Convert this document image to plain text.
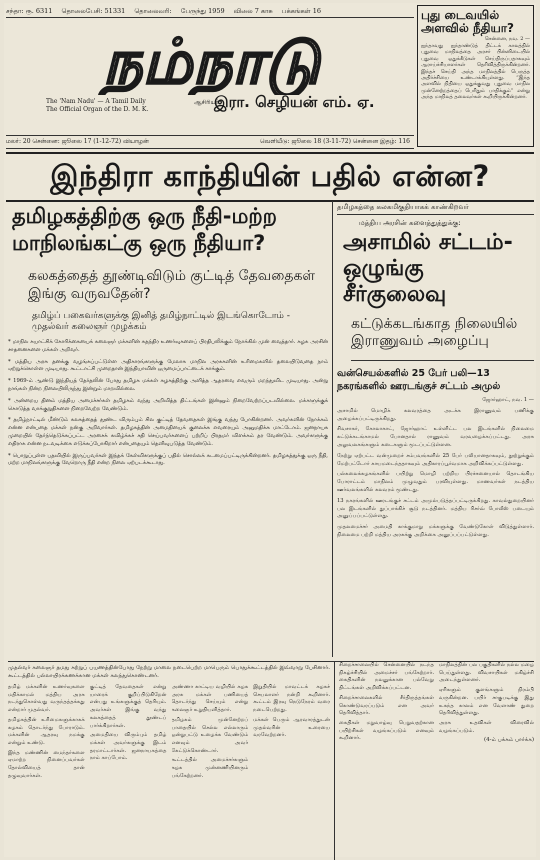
சந்தா: ரூ. 6311 தொலைபேசி: 51331 தொலைவரி: பேருந்து 1959 விலை 7 காசு பக்கங்கள் 16
நம்நாடு
The 'Nam Nadu' — A Tamil Daily
The Official Organ of the D. M. K.
ஆசிரியர்:
இரா. செழியன் எம். ஏ.
மலர்: 20 சென்னை: ஜூலை 17 (1-12-72) வியாழன்	வெளியீடு: ஜூலை 18 (3-11-72) சென்னை இதழ்: 116
புது டைவயில் அளவில் நீதியா?
சென்னை, நவ. 2 —

ஐந்தாவது ஐந்தாண்டுத் திட்டக் காலத்தில் புதுவை மாநிலத்தை அரசர் பின்னிடையில் புதுவை ஒதுக்கீடுகள் செய்திருப்பதாகவும் ஆராய்ச்சியாளர்கள் தெரிவித்திருக்கின்றனர். இந்தச் செய்தி அந்த மாநிலத்தில் பெருத்த அதிர்ச்சியை உண்டாக்கியுள்ளது. “இந்த அளவில் நிதியை ஒதுக்குவது புதுவை மாநில முன்னேற்றத்தைப் பெரிதும் பாதிக்கும்” என்று அந்த மாநிலத் தலைவர்கள் கூறியிருக்கின்றனர்.

இந்திரா காந்தியின் பதில் என்ன?
தமிழகத்திற்கு ஒரு நீதி-மற்ற மாநிலங்கட்கு ஒரு நீதியா?
கலகத்தைத் தூண்டிவிடும் குட்டித் தேவதைகள் இங்கு வருவதேன்?
தமிழ்ப் பகைவர்களுக்கு இனித் தமிழ்நாட்டில் இடங்கொடோம் - முதல்வர் கலைஞர் முழக்கம்

* மாநில சுயாட்சிக் கோரிக்கையைக் கலைஞர் மக்களின் சுதந்திர உணர்வுகளைப் பிரதிபலிக்கும் நோக்கில் முன் வைத்தார். கழக அரசின் சாதனைகளை மக்கள் அறிவர்.

* மத்திய அரசு தனக்கு வழங்கப்பட்டுள்ள அதிகாரங்களுக்கு மேலாக மாநில அரசுகளின் உரிமைகளில் தலையிடுவதை நாம் ஏற்றுக்கொள்ள முடியாது. கூட்டாட்சி முறைதான் இந்தியாவின் ஒருமைப்பாட்டைக் காக்கும்.

* 1969-ம் ஆண்டு இந்தியத் தேர்தலின் போது தமிழக மக்கள் கழகத்திற்கு அளித்த ஆதரவை எவரும் மறந்துவிட முடியாது. அன்று நாங்கள் நின்ற நிலையிலிருந்து இன்றும் மாறவில்லை.

* அன்றைய தினம் மத்திய அமைச்சர்கள் தமிழகம் வந்து அறிவித்த திட்டங்கள் இன்னும் நிறைவேற்றப்படவில்லை. மக்களுக்குக் கொடுத்த வாக்குறுதிகளை நிறைவேற்ற வேண்டும்.

* தமிழ்நாட்டில் மீண்டும் கலகத்தைத் தூண்ட விரும்பும் சில குட்டித் தேவதைகள் இங்கு வந்து போகின்றனர். அவர்களின் நோக்கம் என்ன என்பதை மக்கள் நன்கு அறிவார்கள். தமிழகத்தின் அமைதியைக் குலைக்க எவரையும் அனுமதிக்க மாட்டோம். ஜனநாயக முறையில் தேர்ந்தெடுக்கப்பட்ட அரசைக் கவிழ்க்கச் சதி செய்பவர்களைப் பற்றிப் பிரதமர் விளக்கம் தர வேண்டும். அவர்களுக்கு எதிராக என்ன நடவடிக்கை எடுக்கப்போகிறார் என்பதையும் தெளிவுபடுத்த வேண்டும்.

* பொறுப்புள்ள பதவியில் இருப்பவர்கள் இந்தக் கேள்விகளுக்குப் பதில் சொல்லக் கடமைப்பட்டிருக்கின்றனர். தமிழகத்துக்கு ஒரு நீதி, மற்ற மாநிலங்களுக்கு வேறொரு நீதி என்ற நிலை ஏற்படக்கூடாது.

தமிழகத்தை கலகமிகுதியாகக் காண்கிறவர்
மத்திய அரசின் களைத்துத்துக்கு:
அசாமில் சட்டம்-ஒழுங்கு சீர்குலைவு
கட்டுக்கடங்காத நிலையில் இராணுவம் அழைப்பு
வன்செயல்களில் 25 பேர் பலி—13 நகரங்களில் ஊரடங்குச் சட்டம் அமுல்

ஜோர்ஹாட், நவ. 1 —

அசாமில் மொழிக் கலவரத்தை அடக்க இராணுவம் பணிக்கு அழைக்கப்பட்டிருக்கிறது.

சிவசாகர், கோலாகாட், ஜோர்ஹாட் உள்ளிட்ட பல இடங்களில் நிலைமை கட்டுக்கடங்காமல் போனதால் ராணுவம் வரவழைக்கப்பட்டது. அரசு அலுவலகங்களும் கடைகளும் மூடப்பட்டுள்ளன.

நேற்று ஏற்பட்ட வன்முறைச் சம்பவங்களில் 25 பேர் பலியானதாகவும், நூற்றுக்கும் மேற்பட்டோர் காயமடைந்ததாகவும் அதிகாரப்பூர்வமாக அறிவிக்கப்பட்டுள்ளது.

பல்கலைக்கழகங்களில் பயிற்று மொழி பற்றிய பிரச்சனையால் தொடங்கிய போராட்டம் மாநிலம் முழுவதும் பரவியுள்ளது. மாணவர்கள் நடத்திய ஊர்வலங்களில் கலவரம் மூண்டது.

13 நகரங்களில் ஊரடங்குச் சட்டம் அமுல்படுத்தப்பட்டிருக்கிறது. காவல்துறையினர் பல இடங்களில் துப்பாக்கிச் சூடு நடத்தினர். மத்திய ரிசர்வ் போலீஸ் படையும் அனுப்பப்பட்டுள்ளது.

முதலமைச்சர் அமைதி காக்குமாறு மக்களுக்கு வேண்டுகோள் விடுத்துள்ளார். நிலைமை பற்றி மத்திய அரசுக்கு அறிக்கை அனுப்பப்பட்டுள்ளது.

முதல்வர் கலைஞர் தமது சுற்றுப் பயணத்தின்போது நேற்று மாலை நடைபெற்ற மாபெரும் பொதுக்கூட்டத்தில் இவ்வாறு பேசினார். கூட்டத்தில் பல்லாயிரக்கணக்கான மக்கள் கலந்துகொண்டனர்.

தமிழ் மக்களின் உணர்வுகளை மதிக்காமல் மத்திய அரசு நடந்துகொள்வது வருந்தத்தக்கது என்றார் முதல்வர்.

தமிழகத்தின் உரிமைகளுக்காகக் கழகம் தொடர்ந்து போராடும். மக்களின் ஆதரவு நமக்கு என்றும் உண்டு.

இந்த மண்ணின் மைந்தர்களை ஏமாற்ற நினைப்பவர்கள் தோல்வியைத் தான் தழுவுவார்கள்.

குட்டித் தேவதைகள் என்று யாரைக் குறிப்பிடுகிறேன் என்பது உங்களுக்குத் தெரியும். அவர்கள் இங்கு வந்து கலகத்தைத் தூண்டப் பார்க்கிறார்கள்.

அமைதியை விரும்பும் தமிழ் மக்கள் அவர்களுக்கு இடம் தரமாட்டார்கள். ஜனநாயகத்தை நாம் காப்போம்.

அண்ணா காட்டிய வழியில் கழக அரசு மக்கள் பணியைத் தொடர்ந்து செய்யும் என்று கலைஞர் உறுதியளித்தார்.

தமிழகம் முன்னேற்றப் பாதையில் செல்ல எல்லாரும் ஒன்றுபட்டு உழைக்க வேண்டும் எனவும் அவர் கேட்டுக்கொண்டார்.

கூட்டத்தில் அமைச்சர்களும் கழக முன்னணியினரும் பங்கேற்றனர்.

இறுதியில் மாவட்டக் கழகச் செயலாளர் நன்றி கூறினார். கூட்டம் இரவு நெடுநேரம் வரை நடைபெற்றது.

மக்கள் பெரும் ஆரவாரத்துடன் முதல்வரின் உரையை வரவேற்றனர்.

சிறைச்சாலையில் சென்னையில் நடந்த நிகழ்ச்சியில் அமைச்சர் பங்கேற்றார். கைதிகளின் நலனுக்கான பல்வேறு திட்டங்கள் அறிவிக்கப்பட்டன.

சிறைச்சாலைகளில் சீர்திருத்தங்கள் கொண்டுவரப்படும் என அவர் தெரிவித்தார்.

கைதிகள் மறுவாழ்வு பெறுவதற்கான பயிற்சிகள் வழங்கப்படும் எனவும் கூறினார்.

மாநிலத்தின் பல பகுதிகளில் நல்ல மழை பெய்துள்ளது. விவசாயிகள் மகிழ்ச்சி அடைந்துள்ளனர்.

ஏரிகளும் குளங்களும் நிரம்பி வருகின்றன. பயிர் சாகுபடிக்கு இது உகந்த காலம் என வேளாண் துறை தெரிவித்துள்ளது.

அரசு உதவிகள் விரைவில் வழங்கப்படும்.

(4-ம் பக்கம் பார்க்க)
